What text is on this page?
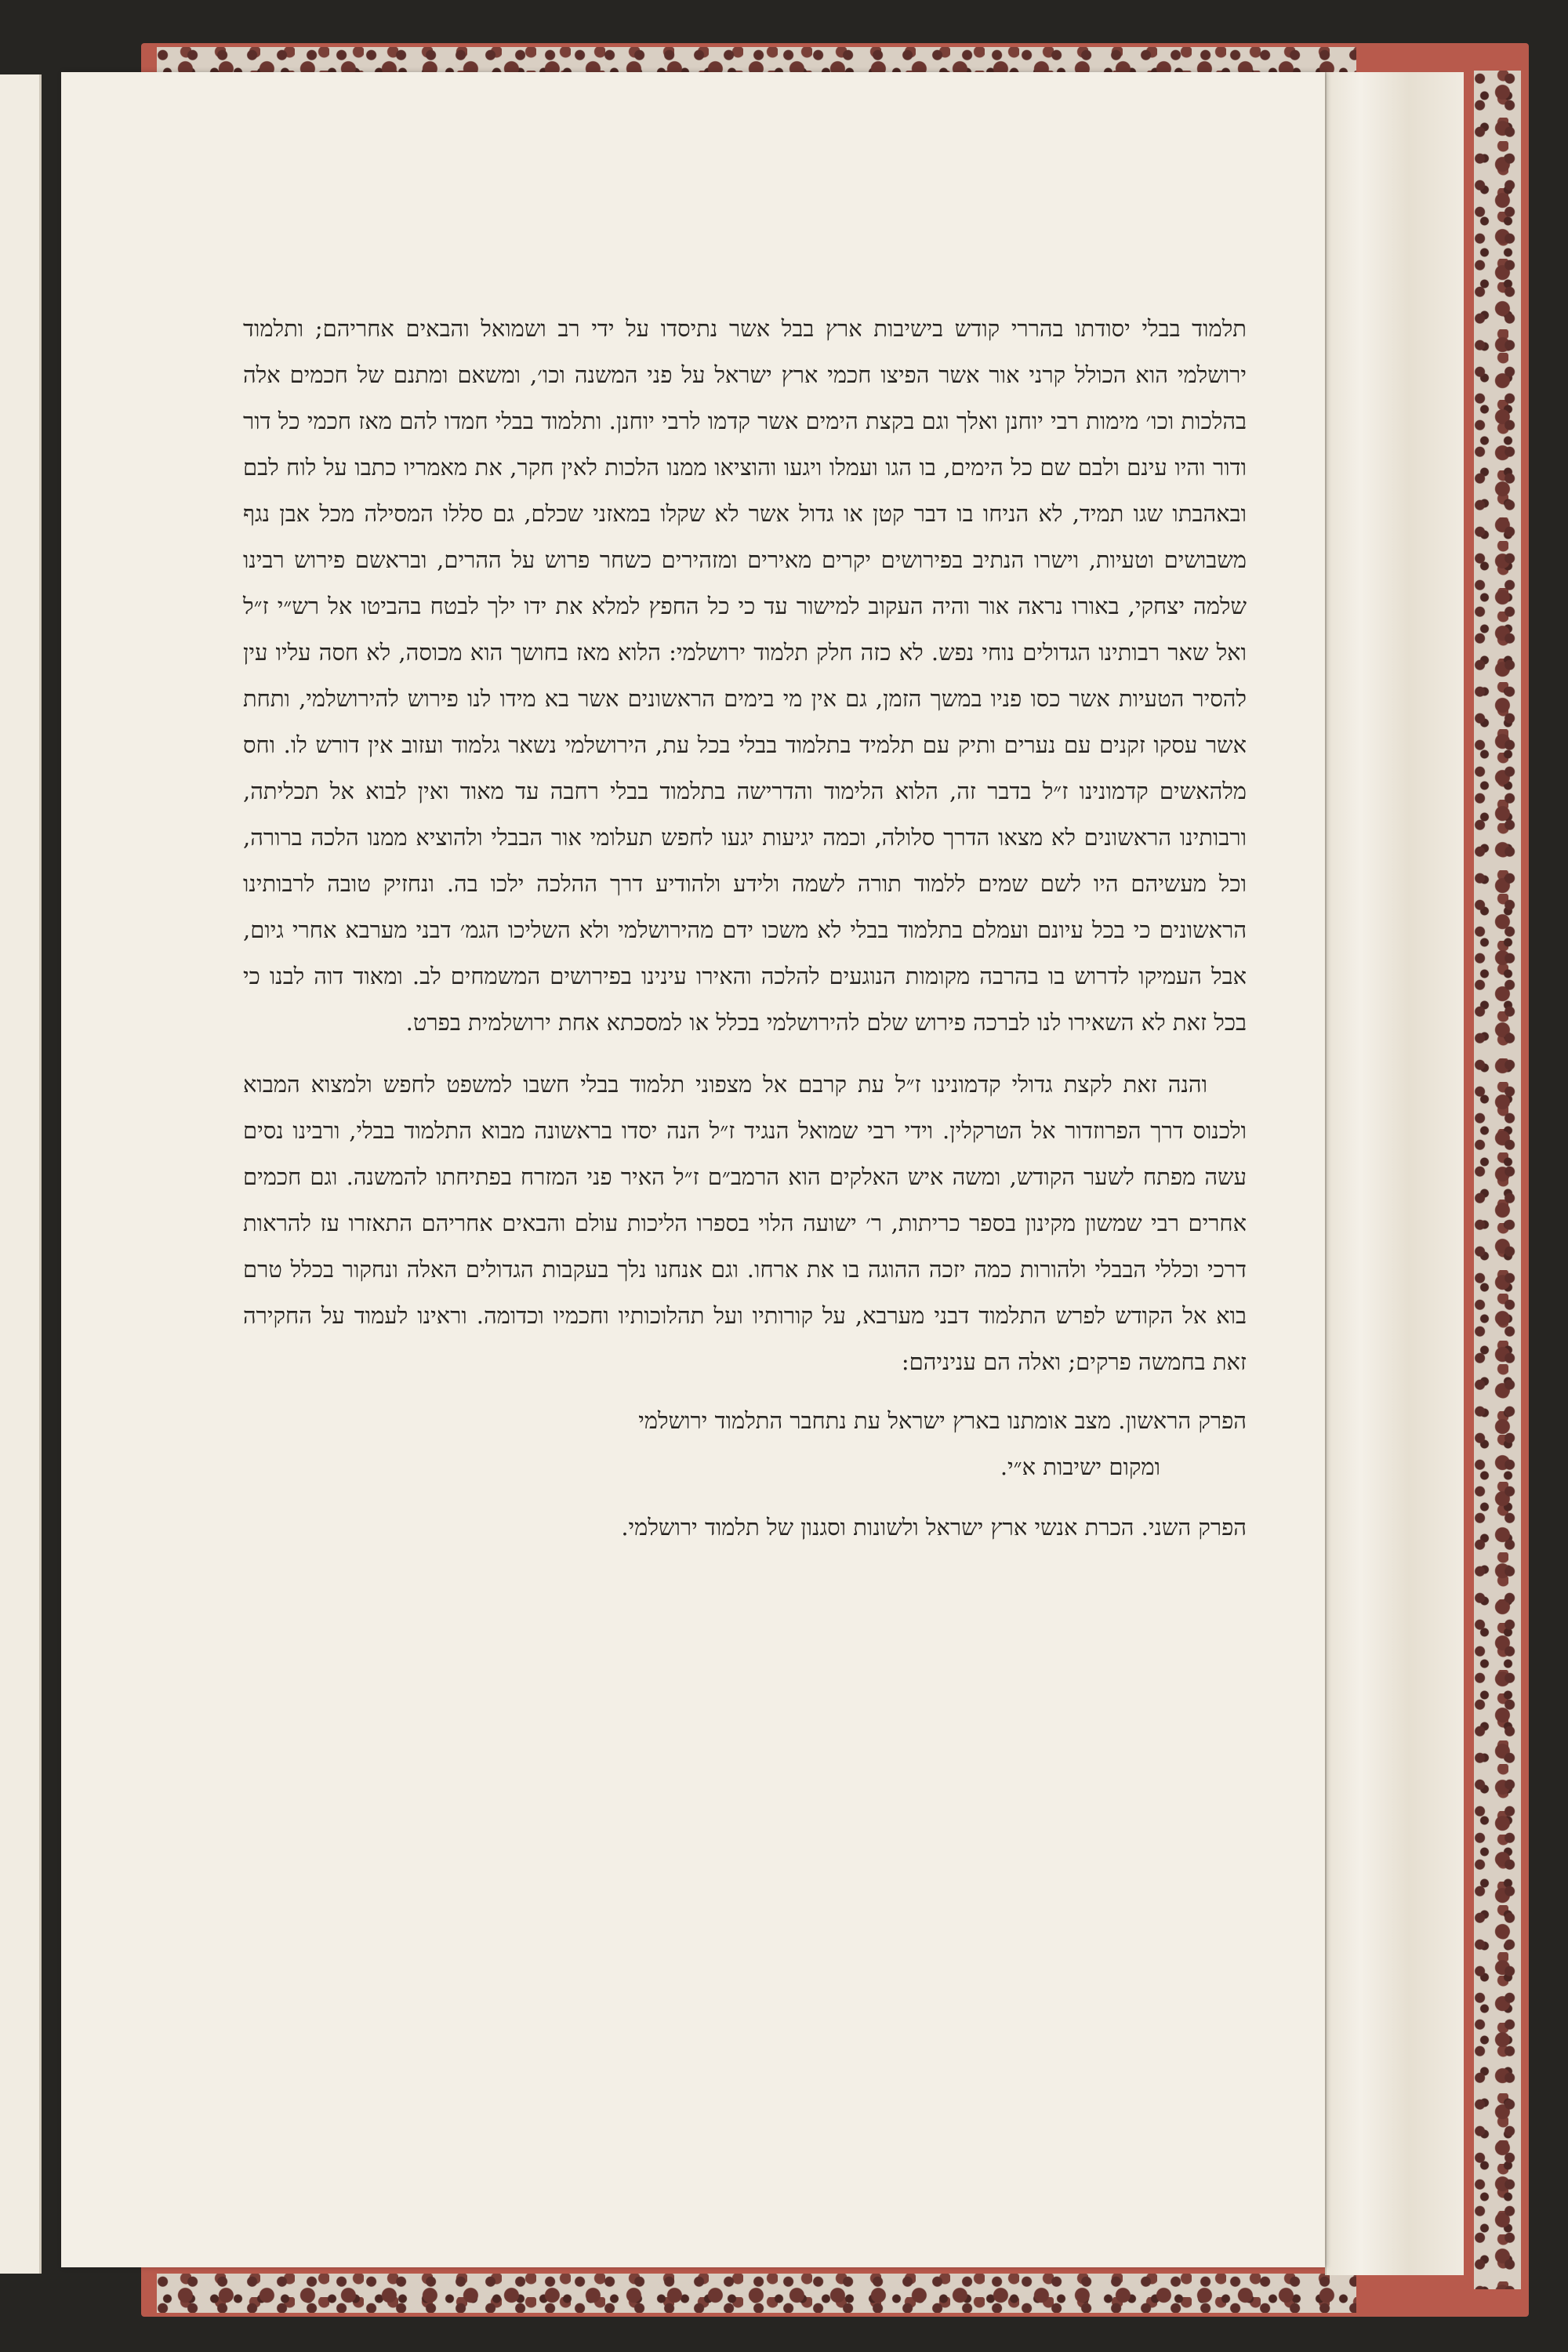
תלמוד בבלי יסודתו בהררי קודש בישיבות ארץ בבל אשר נתיסדו על ידי רב ושמואל והבאים אחריהם; ותלמוד ירושלמי הוא הכולל קרני אור אשר הפיצו חכמי ארץ ישראל על פני המשנה וכו׳, ומשאם ומתנם של חכמים אלה בהלכות וכו׳ מימות רבי יוחנן ואלך וגם בקצת הימים אשר קדמו לרבי יוחנן. ותלמוד בבלי חמדו להם מאז חכמי כל דור ודור והיו עינם ולבם שם כל הימים, בו הגו ועמלו ויגעו והוציאו ממנו הלכות לאין חקר, את מאמריו כתבו על לוח לבם ובאהבתו שגו תמיד, לא הניחו בו דבר קטן או גדול אשר לא שקלו במאזני שכלם, גם סללו המסילה מכל אבן נגף משבושים וטעיות, וישרו הנתיב בפירושים יקרים מאירים ומזהירים כשחר פרוש על ההרים, ובראשם פירוש רבינו שלמה יצחקי, באורו נראה אור והיה העקוב למישור עד כי כל החפץ למלא את ידו ילך לבטח בהביטו אל רש״י ז״ל ואל שאר רבותינו הגדולים נוחי נפש. לא כזה חלק תלמוד ירושלמי: הלוא מאז בחושך הוא מכוסה, לא חסה עליו עין להסיר הטעיות אשר כסו פניו במשך הזמן, גם אין מי בימים הראשונים אשר בא מידו לנו פירוש להירושלמי, ותחת אשר עסקו זקנים עם נערים ותיק עם תלמיד בתלמוד בבלי בכל עת, הירושלמי נשאר גלמוד ועזוב אין דורש לו. וחס מלהאשים קדמונינו ז״ל בדבר זה, הלוא הלימוד והדרישה בתלמוד בבלי רחבה עד מאוד ואין לבוא אל תכליתה, ורבותינו הראשונים לא מצאו הדרך סלולה, וכמה יגיעות יגעו לחפש תעלומי אור הבבלי ולהוציא ממנו הלכה ברורה, וכל מעשיהם היו לשם שמים ללמוד תורה לשמה ולידע ולהודיע דרך ההלכה ילכו בה. ונחזיק טובה לרבותינו הראשונים כי בכל עיונם ועמלם בתלמוד בבלי לא משכו ידם מהירושלמי ולא השליכו הגמ׳ דבני מערבא אחרי גיום, אבל העמיקו לדרוש בו בהרבה מקומות הנוגעים להלכה והאירו עינינו בפירושים המשמחים לב. ומאוד דוה לבנו כי בכל זאת לא השאירו לנו לברכה פירוש שלם להירושלמי בכלל או למסכתא אחת ירושלמית בפרט.

והנה זאת לקצת גדולי קדמונינו ז״ל עת קרבם אל מצפוני תלמוד בבלי חשבו למשפט לחפש ולמצוא המבוא ולכנוס דרך הפרוזדור אל הטרקלין. וידי רבי שמואל הנגיד ז״ל הנה יסדו בראשונה מבוא התלמוד בבלי, ורבינו נסים עשה מפתח לשער הקודש, ומשה איש האלקים הוא הרמב״ם ז״ל האיר פני המזרח בפתיחתו להמשנה. וגם חכמים אחרים רבי שמשון מקינון בספר כריתות, ר׳ ישועה הלוי בספרו הליכות עולם והבאים אחריהם התאזרו עז להראות דרכי וכללי הבבלי ולהורות כמה יזכה ההוגה בו את ארחו. וגם אנחנו נלך בעקבות הגדולים האלה ונחקור בכלל טרם בוא אל הקודש לפרש התלמוד דבני מערבא, על קורותיו ועל תהלוכותיו וחכמיו וכדומה. וראינו לעמוד על החקירה זאת בחמשה פרקים; ואלה הם עניניהם:

הפרק הראשון. מצב אומתנו בארץ ישראל עת נתחבר התלמוד ירושלמי
ומקום ישיבות א״י.

הפרק השני. הכרת אנשי ארץ ישראל ולשונות וסגנון של תלמוד ירושלמי.
